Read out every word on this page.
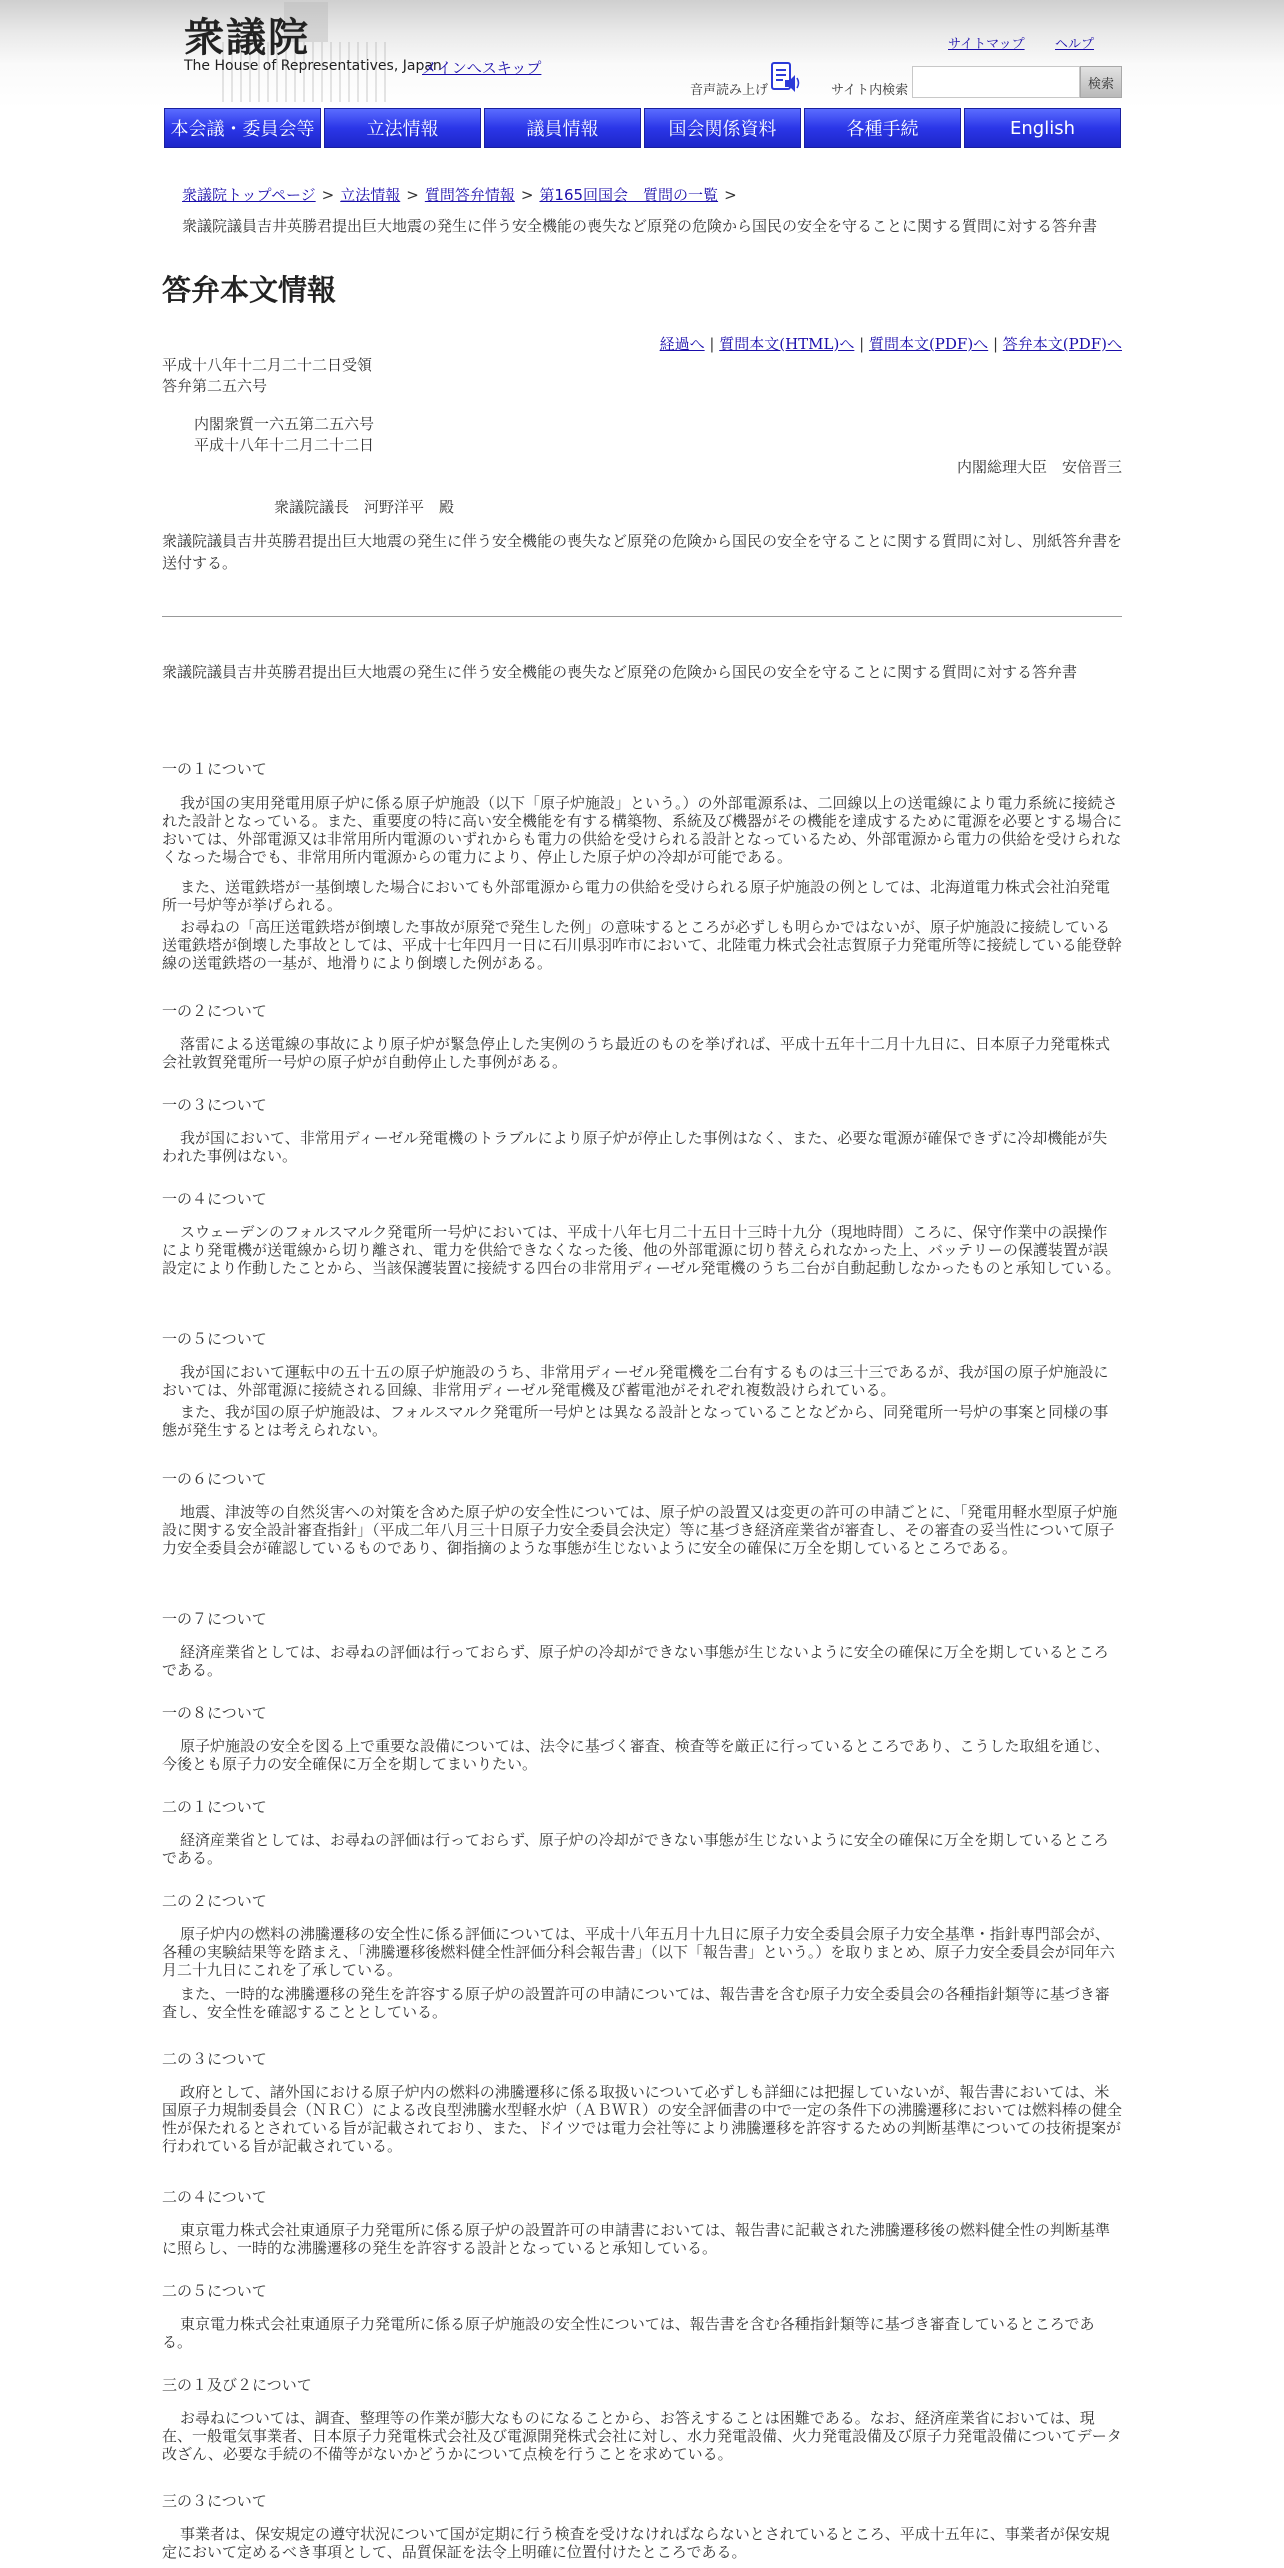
衆議院
The House of Representatives, Japan
メインへスキップ
サイトマップ ヘルプ
音声読み上げ	サイト内検索	検索
本会議・委員会等	立法情報	議員情報	国会関係資料	各種手続	English
衆議院トップページ > 立法情報 > 質問答弁情報 > 第165回国会　質問の一覧 >
衆議院議員吉井英勝君提出巨大地震の発生に伴う安全機能の喪失など原発の危険から国民の安全を守ることに関する質問に対する答弁書
答弁本文情報
経過へ | 質問本文(HTML)へ | 質問本文(PDF)へ | 答弁本文(PDF)へ
平成十八年十二月二十二日受領
答弁第二五六号
内閣衆質一六五第二五六号
平成十八年十二月二十二日
内閣総理大臣　安倍晋三
衆議院議長　河野洋平　殿
衆議院議員吉井英勝君提出巨大地震の発生に伴う安全機能の喪失など原発の危険から国民の安全を守ることに関する質問に対し、別紙答弁書を送付する。
衆議院議員吉井英勝君提出巨大地震の発生に伴う安全機能の喪失など原発の危険から国民の安全を守ることに関する質問に対する答弁書
一の１について
我が国の実用発電用原子炉に係る原子炉施設（以下「原子炉施設」という。）の外部電源系は、二回線以上の送電線により電力系統に接続された設計となっている。また、重要度の特に高い安全機能を有する構築物、系統及び機器がその機能を達成するために電源を必要とする場合においては、外部電源又は非常用所内電源のいずれからも電力の供給を受けられる設計となっているため、外部電源から電力の供給を受けられなくなった場合でも、非常用所内電源からの電力により、停止した原子炉の冷却が可能である。
また、送電鉄塔が一基倒壊した場合においても外部電源から電力の供給を受けられる原子炉施設の例としては、北海道電力株式会社泊発電所一号炉等が挙げられる。
お尋ねの「高圧送電鉄塔が倒壊した事故が原発で発生した例」の意味するところが必ずしも明らかではないが、原子炉施設に接続している送電鉄塔が倒壊した事故としては、平成十七年四月一日に石川県羽咋市において、北陸電力株式会社志賀原子力発電所等に接続している能登幹線の送電鉄塔の一基が、地滑りにより倒壊した例がある。
一の２について
落雷による送電線の事故により原子炉が緊急停止した実例のうち最近のものを挙げれば、平成十五年十二月十九日に、日本原子力発電株式会社敦賀発電所一号炉の原子炉が自動停止した事例がある。
一の３について
我が国において、非常用ディーゼル発電機のトラブルにより原子炉が停止した事例はなく、また、必要な電源が確保できずに冷却機能が失われた事例はない。
一の４について
スウェーデンのフォルスマルク発電所一号炉においては、平成十八年七月二十五日十三時十九分（現地時間）ころに、保守作業中の誤操作により発電機が送電線から切り離され、電力を供給できなくなった後、他の外部電源に切り替えられなかった上、バッテリーの保護装置が誤設定により作動したことから、当該保護装置に接続する四台の非常用ディーゼル発電機のうち二台が自動起動しなかったものと承知している。
一の５について
我が国において運転中の五十五の原子炉施設のうち、非常用ディーゼル発電機を二台有するものは三十三であるが、我が国の原子炉施設においては、外部電源に接続される回線、非常用ディーゼル発電機及び蓄電池がそれぞれ複数設けられている。
また、我が国の原子炉施設は、フォルスマルク発電所一号炉とは異なる設計となっていることなどから、同発電所一号炉の事案と同様の事態が発生するとは考えられない。
一の６について
地震、津波等の自然災害への対策を含めた原子炉の安全性については、原子炉の設置又は変更の許可の申請ごとに、「発電用軽水型原子炉施設に関する安全設計審査指針」（平成二年八月三十日原子力安全委員会決定）等に基づき経済産業省が審査し、その審査の妥当性について原子力安全委員会が確認しているものであり、御指摘のような事態が生じないように安全の確保に万全を期しているところである。
一の７について
経済産業省としては、お尋ねの評価は行っておらず、原子炉の冷却ができない事態が生じないように安全の確保に万全を期しているところである。
一の８について
原子炉施設の安全を図る上で重要な設備については、法令に基づく審査、検査等を厳正に行っているところであり、こうした取組を通じ、今後とも原子力の安全確保に万全を期してまいりたい。
二の１について
経済産業省としては、お尋ねの評価は行っておらず、原子炉の冷却ができない事態が生じないように安全の確保に万全を期しているところである。
二の２について
原子炉内の燃料の沸騰遷移の安全性に係る評価については、平成十八年五月十九日に原子力安全委員会原子力安全基準・指針専門部会が、各種の実験結果等を踏まえ、「沸騰遷移後燃料健全性評価分科会報告書」（以下「報告書」という。）を取りまとめ、原子力安全委員会が同年六月二十九日にこれを了承している。
また、一時的な沸騰遷移の発生を許容する原子炉の設置許可の申請については、報告書を含む原子力安全委員会の各種指針類等に基づき審査し、安全性を確認することとしている。
二の３について
政府として、諸外国における原子炉内の燃料の沸騰遷移に係る取扱いについて必ずしも詳細には把握していないが、報告書においては、米国原子力規制委員会（ＮＲＣ）による改良型沸騰水型軽水炉（ＡＢＷＲ）の安全評価書の中で一定の条件下の沸騰遷移においては燃料棒の健全性が保たれるとされている旨が記載されており、また、ドイツでは電力会社等により沸騰遷移を許容するための判断基準についての技術提案が行われている旨が記載されている。
二の４について
東京電力株式会社東通原子力発電所に係る原子炉の設置許可の申請書においては、報告書に記載された沸騰遷移後の燃料健全性の判断基準に照らし、一時的な沸騰遷移の発生を許容する設計となっていると承知している。
二の５について
東京電力株式会社東通原子力発電所に係る原子炉施設の安全性については、報告書を含む各種指針類等に基づき審査しているところである。
三の１及び２について
お尋ねについては、調査、整理等の作業が膨大なものになることから、お答えすることは困難である。なお、経済産業省においては、現在、一般電気事業者、日本原子力発電株式会社及び電源開発株式会社に対し、水力発電設備、火力発電設備及び原子力発電設備についてデータ改ざん、必要な手続の不備等がないかどうかについて点検を行うことを求めている。
三の３について
事業者は、保安規定の遵守状況について国が定期に行う検査を受けなければならないとされているところ、平成十五年に、事業者が保安規定において定めるべき事項として、品質保証を法令上明確に位置付けたところである。
